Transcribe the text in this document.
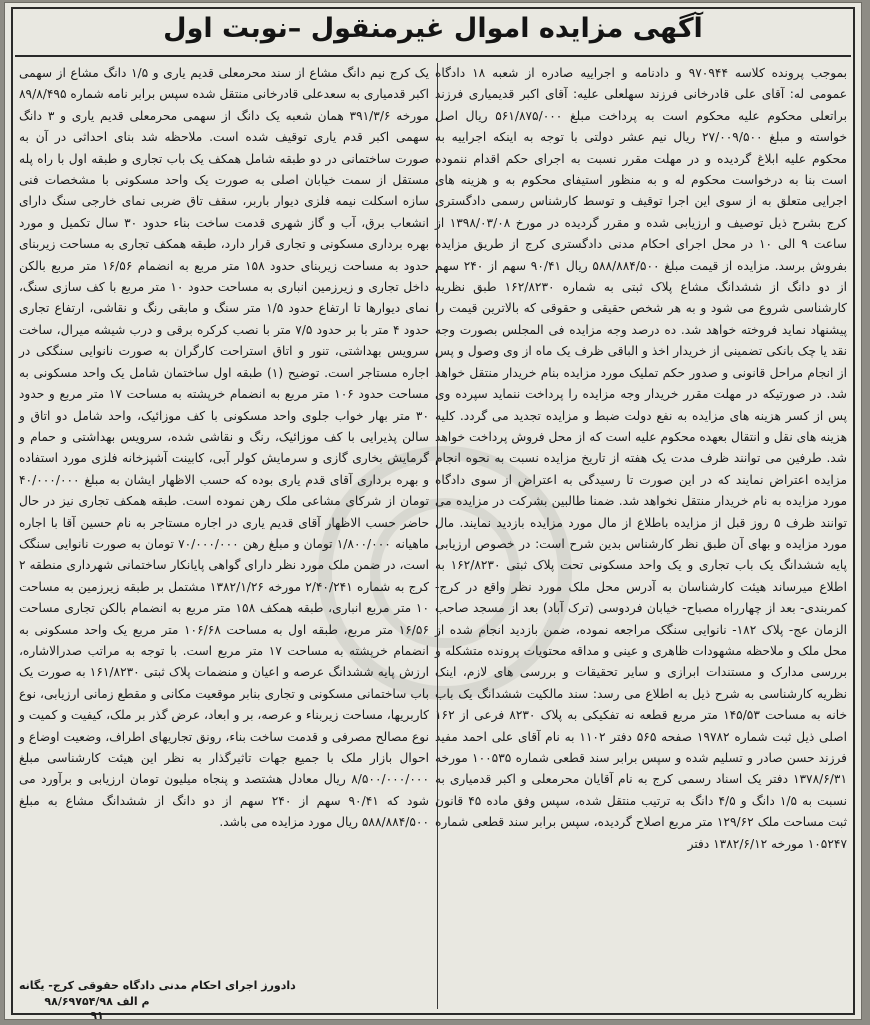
آگهی مزایده اموال غیرمنقول –نوبت اول
بموجب پرونده کلاسه ۹۷۰۹۴۴ و دادنامه و اجراییه صادره از شعبه ۱۸ دادگاه عمومی له: آقای علی قادرخانی فرزند سهلعلی علیه: آقای اکبر قدیمیاری فرزند براتعلی محکوم علیه محکوم است به پرداخت مبلغ ۵۶۱/۸۷۵/۰۰۰ ریال اصل خواسته و مبلغ ۲۷/۰۰۹/۵۰۰ ریال نیم عشر دولتی با توجه به اینکه اجراییه به محکوم علیه ابلاغ گردیده و در مهلت مقرر نسبت به اجرای حکم اقدام ننموده است بنا به درخواست محکوم له و به منظور استیفای محکوم به و هزینه های اجرایی متعلق به از سوی این اجرا توقیف و توسط کارشناس رسمی دادگستری کرج بشرح ذیل توصیف و ارزیابی شده و مقرر گردیده در مورخ ۱۳۹۸/۰۳/۰۸ از ساعت ۹ الی ۱۰ در محل اجرای احکام مدنی دادگستری کرج از طریق مزایده بفروش برسد. مزایده از قیمت مبلغ ۵۸۸/۸۸۴/۵۰۰ ریال ۹۰/۴۱ سهم از ۲۴۰ سهم از دو دانگ از ششدانگ مشاع پلاک ثبتی به شماره ۱۶۲/۸۲۳۰ طبق نظریه کارشناسی شروع می شود و به هر شخص حقیقی و حقوقی که بالاترین قیمت را پیشنهاد نماید فروخته خواهد شد. ده درصد وجه مزایده فی المجلس بصورت وجه نقد یا چک بانکی تضمینی از خریدار اخذ و الباقی ظرف یک ماه از وی وصول و پس از انجام مراحل قانونی و صدور حکم تملیک مورد مزایده بنام خریدار منتقل خواهد شد. در صورتیکه در مهلت مقرر خریدار وجه مزایده را پرداخت ننماید سپرده وی پس از کسر هزینه های مزایده به نفع دولت ضبط و مزایده تجدید می گردد. کلیه هزینه های نقل و انتقال بعهده محکوم علیه است که از محل فروش پرداخت خواهد شد. طرفین می توانند ظرف مدت یک هفته از تاریخ مزایده نسبت به نحوه انجام مزایده اعتراض نمایند که در این صورت تا رسیدگی به اعتراض از سوی دادگاه مورد مزایده به نام خریدار منتقل نخواهد شد. ضمنا طالبین بشرکت در مزایده می توانند ظرف ۵ روز قبل از مزایده باطلاع از مال مورد مزایده بازدید نمایند. مال مورد مزایده و بهای آن طبق نظر کارشناس بدین شرح است: در خصوص ارزیابی پایه ششدانگ یک باب تجاری و یک واحد مسکونی تحت پلاک ثبتی ۱۶۲/۸۲۳۰ به اطلاع میرساند هیئت کارشناسان به آدرس محل ملک مورد نظر واقع در کرج- کمربندی- بعد از چهارراه مصباح- خیابان فردوسی (ترک آباد) بعد از مسجد صاحب الزمان عج- پلاک ۱۸۲- نانوایی سنگک مراجعه نموده، ضمن بازدید انجام شده از محل ملک و ملاحظه مشهودات ظاهری و عینی و مداقه محتویات پرونده متشکله و بررسی مدارک و مستندات ابرازی و سایر تحقیقات و بررسی های لازم، اینک نظریه کارشناسی به شرح ذیل به اطلاع می رسد: سند مالکیت ششدانگ یک باب خانه به مساحت ۱۴۵/۵۳ متر مربع قطعه نه تفکیکی به پلاک ۸۲۳۰ فرعی از ۱۶۲ اصلی ذیل ثبت شماره ۱۹۷۸۲ صفحه ۵۶۵ دفتر ۱۱۰۲ به نام آقای علی احمد مفید فرزند حسن صادر و تسلیم شده و سپس برابر سند قطعی شماره ۱۰۰۵۳۵ مورخه ۱۳۷۸/۶/۳۱ دفتر یک اسناد رسمی کرج به نام آقایان محرمعلی و اکبر قدمیاری به نسبت به ۱/۵ دانگ و ۴/۵ دانگ به ترتیب منتقل شده، سپس وفق ماده ۴۵ قانون ثبت مساحت ملک ۱۲۹/۶۲ متر مربع اصلاح گردیده، سپس برابر سند قطعی شماره ۱۰۵۲۴۷ مورخه ۱۳۸۲/۶/۱۲ دفتر
یک کرج نیم دانگ مشاع از سند محرمعلی قدیم یاری و ۱/۵ دانگ مشاع از سهمی اکبر قدمیاری به سعدعلی قادرخانی منتقل شده سپس برابر نامه شماره ۸۹/۸/۴۹۵ مورخه ۳۹۱/۳/۶ همان شعبه یک دانگ از سهمی محرمعلی قدیم یاری و ۳ دانگ سهمی اکبر قدم یاری توقیف شده است. ملاحظه شد بنای احداثی در آن به صورت ساختمانی در دو طبقه شامل همکف یک باب تجاری و طبقه اول با راه پله مستقل از سمت خیابان اصلی به صورت یک واحد مسکونی با مشخصات فنی سازه اسکلت نیمه فلزی دیوار باربر، سقف تاق ضربی نمای خارجی سنگ دارای انشعاب برق، آب و گاز شهری قدمت ساخت بناء حدود ۳۰ سال تکمیل و مورد بهره برداری مسکونی و تجاری قرار دارد، طبقه همکف تجاری به مساحت زیربنای حدود به مساحت زیربنای حدود ۱۵۸ متر مربع به انضمام ۱۶/۵۶ متر مربع بالکن داخل تجاری و زیرزمین انباری به مساحت حدود ۱۰ متر مربع با کف سازی سنگ، نمای دیوارها تا ارتفاع حدود ۱/۵ متر سنگ و مابقی رنگ و نقاشی، ارتفاع تجاری حدود ۴ متر با بر حدود ۷/۵ متر با نصب کرکره برقی و درب شیشه میرال، ساخت سرویس بهداشتی، تنور و اتاق استراحت کارگران به صورت نانوایی سنگکی در اجاره مستاجر است. توضیح (۱) طبقه اول ساختمان شامل یک واحد مسکونی به مساحت حدود ۱۰۶ متر مربع به انضمام خرپشته به مساحت ۱۷ متر مربع و حدود ۳۰ متر بهار خواب جلوی واحد مسکونی با کف موزائیک، واحد شامل دو اتاق و سالن پذیرایی با کف موزائیک، رنگ و نقاشی شده، سرویس بهداشتی و حمام و گرمایش بخاری گازی و سرمایش کولر آبی، کابینت آشپزخانه فلزی مورد استفاده و بهره برداری آقای قدم یاری بوده که حسب الاظهار ایشان به مبلغ ۴۰/۰۰۰/۰۰۰ تومان از شرکای مشاعی ملک رهن نموده است. طبقه همکف تجاری نیز در حال حاضر حسب الاظهار آقای قدیم یاری در اجاره مستاجر به نام حسین آقا با اجاره ماهیانه ۱/۸۰۰/۰۰۰ تومان و مبلغ رهن ۷۰/۰۰۰/۰۰۰ تومان به صورت نانوایی سنگک است، در ضمن ملک مورد نظر دارای گواهی پایانکار ساختمانی شهرداری منطقه ۲ کرج به شماره ۲/۴۰/۲۴۱ مورخه ۱۳۸۲/۱/۲۶ مشتمل بر طبقه زیرزمین به مساحت ۱۰ متر مربع انباری، طبقه همکف ۱۵۸ متر مربع به انضمام بالکن تجاری مساحت ۱۶/۵۶ متر مربع، طبقه اول به مساحت ۱۰۶/۶۸ متر مربع یک واحد مسکونی به انضمام خرپشته به مساحت ۱۷ متر مربع است. با توجه به مراتب صدرالاشاره، ارزش پایه ششدانگ عرصه و اعیان و منضمات پلاک ثبتی ۱۶۱/۸۲۳۰ به صورت یک باب ساختمانی مسکونی و تجاری بنابر موقعیت مکانی و مقطع زمانی ارزیابی، نوع کاربریها، مساحت زیربناء و عرصه، بر و ابعاد، عرض گذر بر ملک، کیفیت و کمیت و نوع مصالح مصرفی و قدمت ساخت بناء، رونق تجاریهای اطراف، وضعیت اوضاع و احوال بازار ملک با جمیع جهات تاثیرگذار به نظر این هیئت کارشناسی مبلغ ۸/۵۰۰/۰۰۰/۰۰۰ ریال معادل هشتصد و پنجاه میلیون تومان ارزیابی و برآورد می شود که ۹۰/۴۱ سهم از ۲۴۰ سهم از دو دانگ از ششدانگ مشاع به مبلغ ۵۸۸/۸۸۴/۵۰۰ ریال مورد مزایده می باشد.
دادورز اجرای احکام مدنی دادگاه حقوقی کرج- یگانه
م الف ۹۸/۶۹۷۵۴/۹۸
۹۱
